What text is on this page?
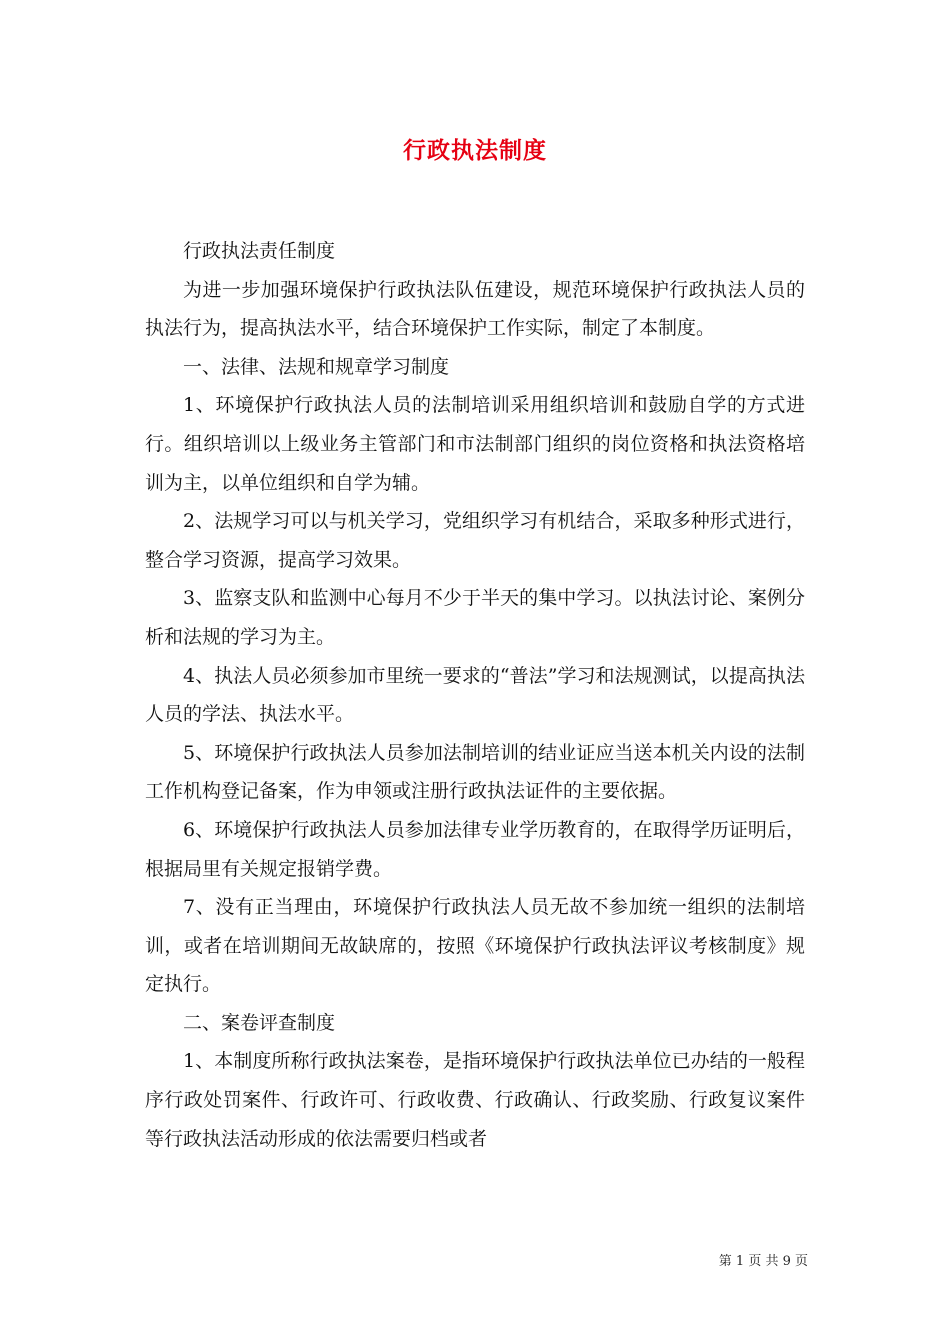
行政执法制度

行政执法责任制度

为进一步加强环境保护行政执法队伍建设，规范环境保护行政执法人员的执法行为，提高执法水平，结合环境保护工作实际，制定了本制度。

一、法律、法规和规章学习制度

1、环境保护行政执法人员的法制培训采用组织培训和鼓励自学的方式进行。组织培训以上级业务主管部门和市法制部门组织的岗位资格和执法资格培训为主，以单位组织和自学为辅。

2、法规学习可以与机关学习，党组织学习有机结合，采取多种形式进行，整合学习资源，提高学习效果。

3、监察支队和监测中心每月不少于半天的集中学习。以执法讨论、案例分析和法规的学习为主。

4、执法人员必须参加市里统一要求的“普法”学习和法规测试，以提高执法人员的学法、执法水平。

5、环境保护行政执法人员参加法制培训的结业证应当送本机关内设的法制工作机构登记备案，作为申领或注册行政执法证件的主要依据。

6、环境保护行政执法人员参加法律专业学历教育的，在取得学历证明后，根据局里有关规定报销学费。

7、没有正当理由，环境保护行政执法人员无故不参加统一组织的法制培训，或者在培训期间无故缺席的，按照《环境保护行政执法评议考核制度》规定执行。

二、案卷评查制度

1、本制度所称行政执法案卷，是指环境保护行政执法单位已办结的一般程序行政处罚案件、行政许可、行政收费、行政确认、行政奖励、行政复议案件等行政执法活动形成的依法需要归档或者

第 1 页 共 9 页
